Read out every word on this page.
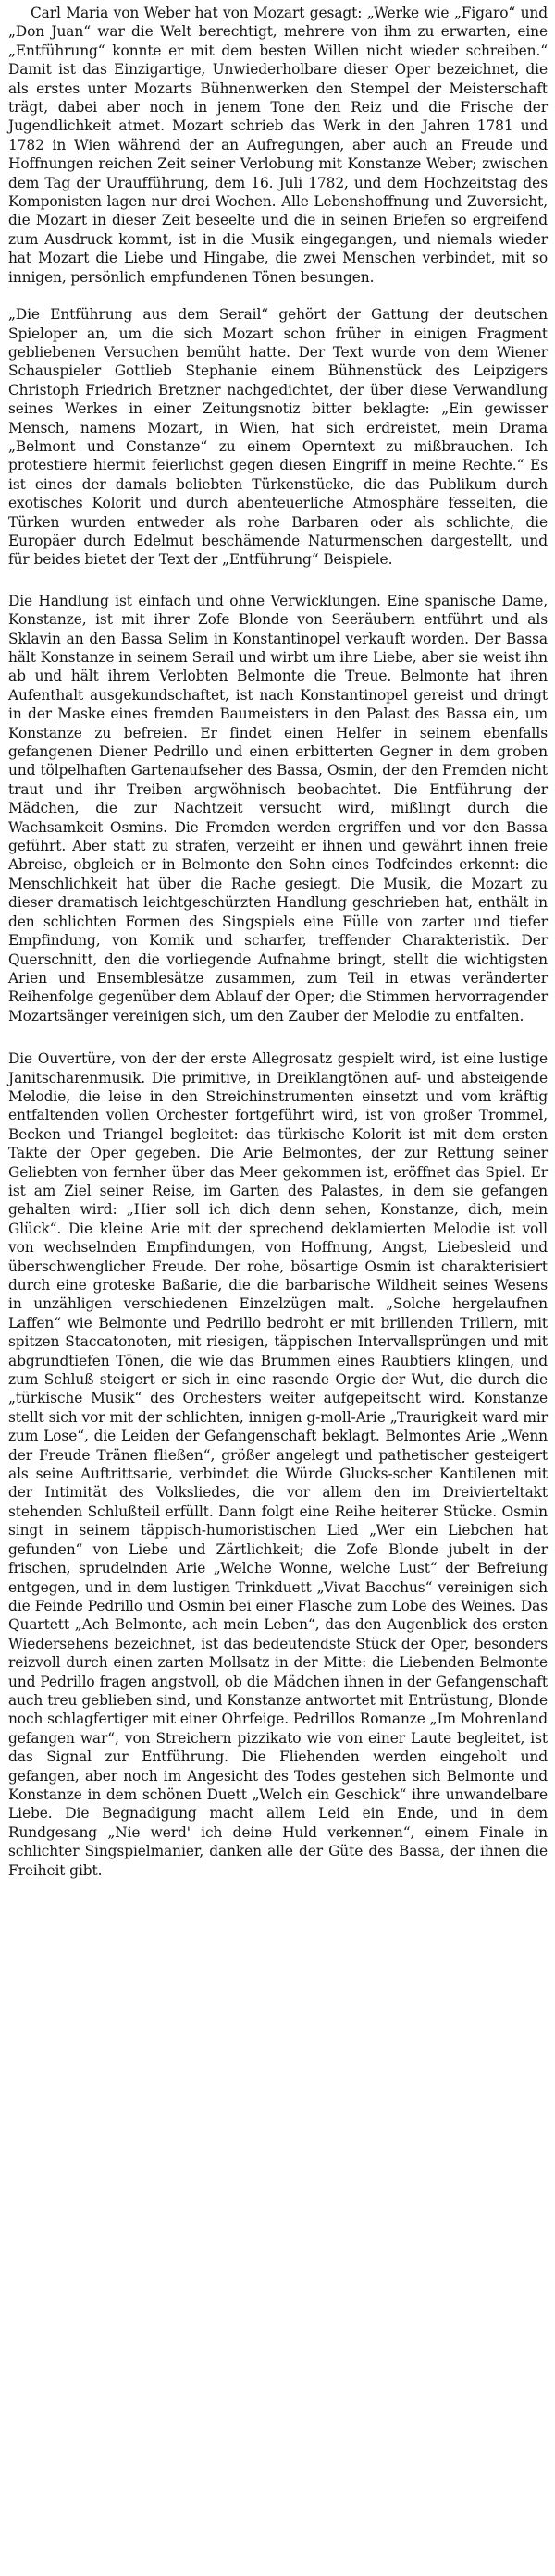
Carl Maria von Weber hat von Mozart gesagt: „Werke wie „Figaro“ und „Don Juan“ war die Welt berechtigt, mehrere von ihm zu erwarten, eine „Entführung“ konnte er mit dem besten Willen nicht wieder schreiben.“ Damit ist das Einzigartige, Unwiederholbare dieser Oper bezeichnet, die als erstes unter Mozarts Bühnenwerken den Stempel der Meisterschaft trägt, dabei aber noch in jenem Tone den Reiz und die Frische der Jugendlichkeit atmet. Mozart schrieb das Werk in den Jahren 1781 und 1782 in Wien während der an Aufregungen, aber auch an Freude und Hoffnungen reichen Zeit seiner Verlobung mit Konstanze Weber; zwischen dem Tag der Uraufführung, dem 16. Juli 1782, und dem Hochzeitstag des Komponisten lagen nur drei Wochen. Alle Lebenshoffnung und Zuversicht, die Mozart in dieser Zeit beseelte und die in seinen Briefen so ergreifend zum Ausdruck kommt, ist in die Musik eingegangen, und niemals wieder hat Mozart die Liebe und Hingabe, die zwei Menschen verbindet, mit so innigen, persönlich empfundenen Tönen besungen.

„Die Entführung aus dem Serail“ gehört der Gattung der deutschen Spieloper an, um die sich Mozart schon früher in einigen Fragment gebliebenen Versuchen bemüht hatte. Der Text wurde von dem Wiener Schauspieler Gottlieb Stephanie einem Bühnenstück des Leipzigers Christoph Friedrich Bretzner nachgedichtet, der über diese Verwandlung seines Werkes in einer Zeitungsnotiz bitter beklagte: „Ein gewisser Mensch, namens Mozart, in Wien, hat sich erdreistet, mein Drama „Belmont und Constanze“ zu einem Operntext zu mißbrauchen. Ich protestiere hiermit feierlichst gegen diesen Eingriff in meine Rechte.“ Es ist eines der damals beliebten Türkenstücke, die das Publikum durch exotisches Kolorit und durch abenteuerliche Atmosphäre fesselten, die Türken wurden entweder als rohe Barbaren oder als schlichte, die Europäer durch Edelmut beschämende Naturmenschen dargestellt, und für beides bietet der Text der „Entführung“ Beispiele.

Die Handlung ist einfach und ohne Verwicklungen. Eine spanische Dame, Konstanze, ist mit ihrer Zofe Blonde von Seeräubern entführt und als Sklavin an den Bassa Selim in Konstantinopel verkauft worden. Der Bassa hält Konstanze in seinem Serail und wirbt um ihre Liebe, aber sie weist ihn ab und hält ihrem Verlobten Belmonte die Treue. Belmonte hat ihren Aufenthalt ausgekundschaftet, ist nach Konstantinopel gereist und dringt in der Maske eines fremden Baumeisters in den Palast des Bassa ein, um Konstanze zu befreien. Er findet einen Helfer in seinem ebenfalls gefangenen Diener Pedrillo und einen erbitterten Gegner in dem groben und tölpelhaften Gartenaufseher des Bassa, Osmin, der den Fremden nicht traut und ihr Treiben argwöhnisch beobachtet. Die Entführung der Mädchen, die zur Nachtzeit versucht wird, mißlingt durch die Wachsamkeit Osmins. Die Fremden werden ergriffen und vor den Bassa geführt. Aber statt zu strafen, verzeiht er ihnen und gewährt ihnen freie Abreise, obgleich er in Belmonte den Sohn eines Todfeindes erkennt: die Menschlichkeit hat über die Rache gesiegt. Die Musik, die Mozart zu dieser dramatisch leichtgeschürzten Handlung geschrieben hat, enthält in den schlichten Formen des Singspiels eine Fülle von zarter und tiefer Empfindung, von Komik und scharfer, treffender Charakteristik. Der Querschnitt, den die vorliegende Aufnahme bringt, stellt die wichtigsten Arien und Ensemblesätze zusammen, zum Teil in etwas veränderter Reihenfolge gegenüber dem Ablauf der Oper; die Stimmen hervorragender Mozartsänger vereinigen sich, um den Zauber der Melodie zu entfalten.

Die Ouvertüre, von der der erste Allegrosatz gespielt wird, ist eine lustige Janitscharenmusik. Die primitive, in Dreiklangtönen auf- und absteigende Melodie, die leise in den Streichinstrumenten einsetzt und vom kräftig entfaltenden vollen Orchester fortgeführt wird, ist von großer Trommel, Becken und Triangel begleitet: das türkische Kolorit ist mit dem ersten Takte der Oper gegeben. Die Arie Belmontes, der zur Rettung seiner Geliebten von fernher über das Meer gekommen ist, eröffnet das Spiel. Er ist am Ziel seiner Reise, im Garten des Palastes, in dem sie gefangen gehalten wird: „Hier soll ich dich denn sehen, Konstanze, dich, mein Glück“. Die kleine Arie mit der sprechend deklamierten Melodie ist voll von wechselnden Empfindungen, von Hoffnung, Angst, Liebesleid und überschwenglicher Freude. Der rohe, bösartige Osmin ist charakterisiert durch eine groteske Baßarie, die die barbarische Wildheit seines Wesens in unzähligen verschiedenen Einzelzügen malt. „Solche hergelaufnen Laffen“ wie Belmonte und Pedrillo bedroht er mit brillenden Trillern, mit spitzen Staccatonoten, mit riesigen, täppischen Intervallsprüngen und mit abgrundtiefen Tönen, die wie das Brummen eines Raubtiers klingen, und zum Schluß steigert er sich in eine rasende Orgie der Wut, die durch die „türkische Musik“ des Orchesters weiter aufgepeitscht wird. Konstanze stellt sich vor mit der schlichten, innigen g-moll-Arie „Traurigkeit ward mir zum Lose“, die Leiden der Gefangenschaft beklagt. Belmontes Arie „Wenn der Freude Tränen fließen“, größer angelegt und pathetischer gesteigert als seine Auftrittsarie, verbindet die Würde Glucks-scher Kantilenen mit der Intimität des Volksliedes, die vor allem den im Dreivierteltakt stehenden Schlußteil erfüllt. Dann folgt eine Reihe heiterer Stücke. Osmin singt in seinem täppisch-humoristischen Lied „Wer ein Liebchen hat gefunden“ von Liebe und Zärtlichkeit; die Zofe Blonde jubelt in der frischen, sprudelnden Arie „Welche Wonne, welche Lust“ der Befreiung entgegen, und in dem lustigen Trinkduett „Vivat Bacchus“ vereinigen sich die Feinde Pedrillo und Osmin bei einer Flasche zum Lobe des Weines. Das Quartett „Ach Belmonte, ach mein Leben“, das den Augenblick des ersten Wiedersehens bezeichnet, ist das bedeutendste Stück der Oper, besonders reizvoll durch einen zarten Mollsatz in der Mitte: die Liebenden Belmonte und Pedrillo fragen angstvoll, ob die Mädchen ihnen in der Gefangenschaft auch treu geblieben sind, und Konstanze antwortet mit Entrüstung, Blonde noch schlagfertiger mit einer Ohrfeige. Pedrillos Romanze „Im Mohrenland gefangen war“, von Streichern pizzikato wie von einer Laute begleitet, ist das Signal zur Entführung. Die Fliehenden werden eingeholt und gefangen, aber noch im Angesicht des Todes gestehen sich Belmonte und Konstanze in dem schönen Duett „Welch ein Geschick“ ihre unwandelbare Liebe. Die Begnadigung macht allem Leid ein Ende, und in dem Rundgesang „Nie werd' ich deine Huld verkennen“, einem Finale in schlichter Singspielmanier, danken alle der Güte des Bassa, der ihnen die Freiheit gibt.
